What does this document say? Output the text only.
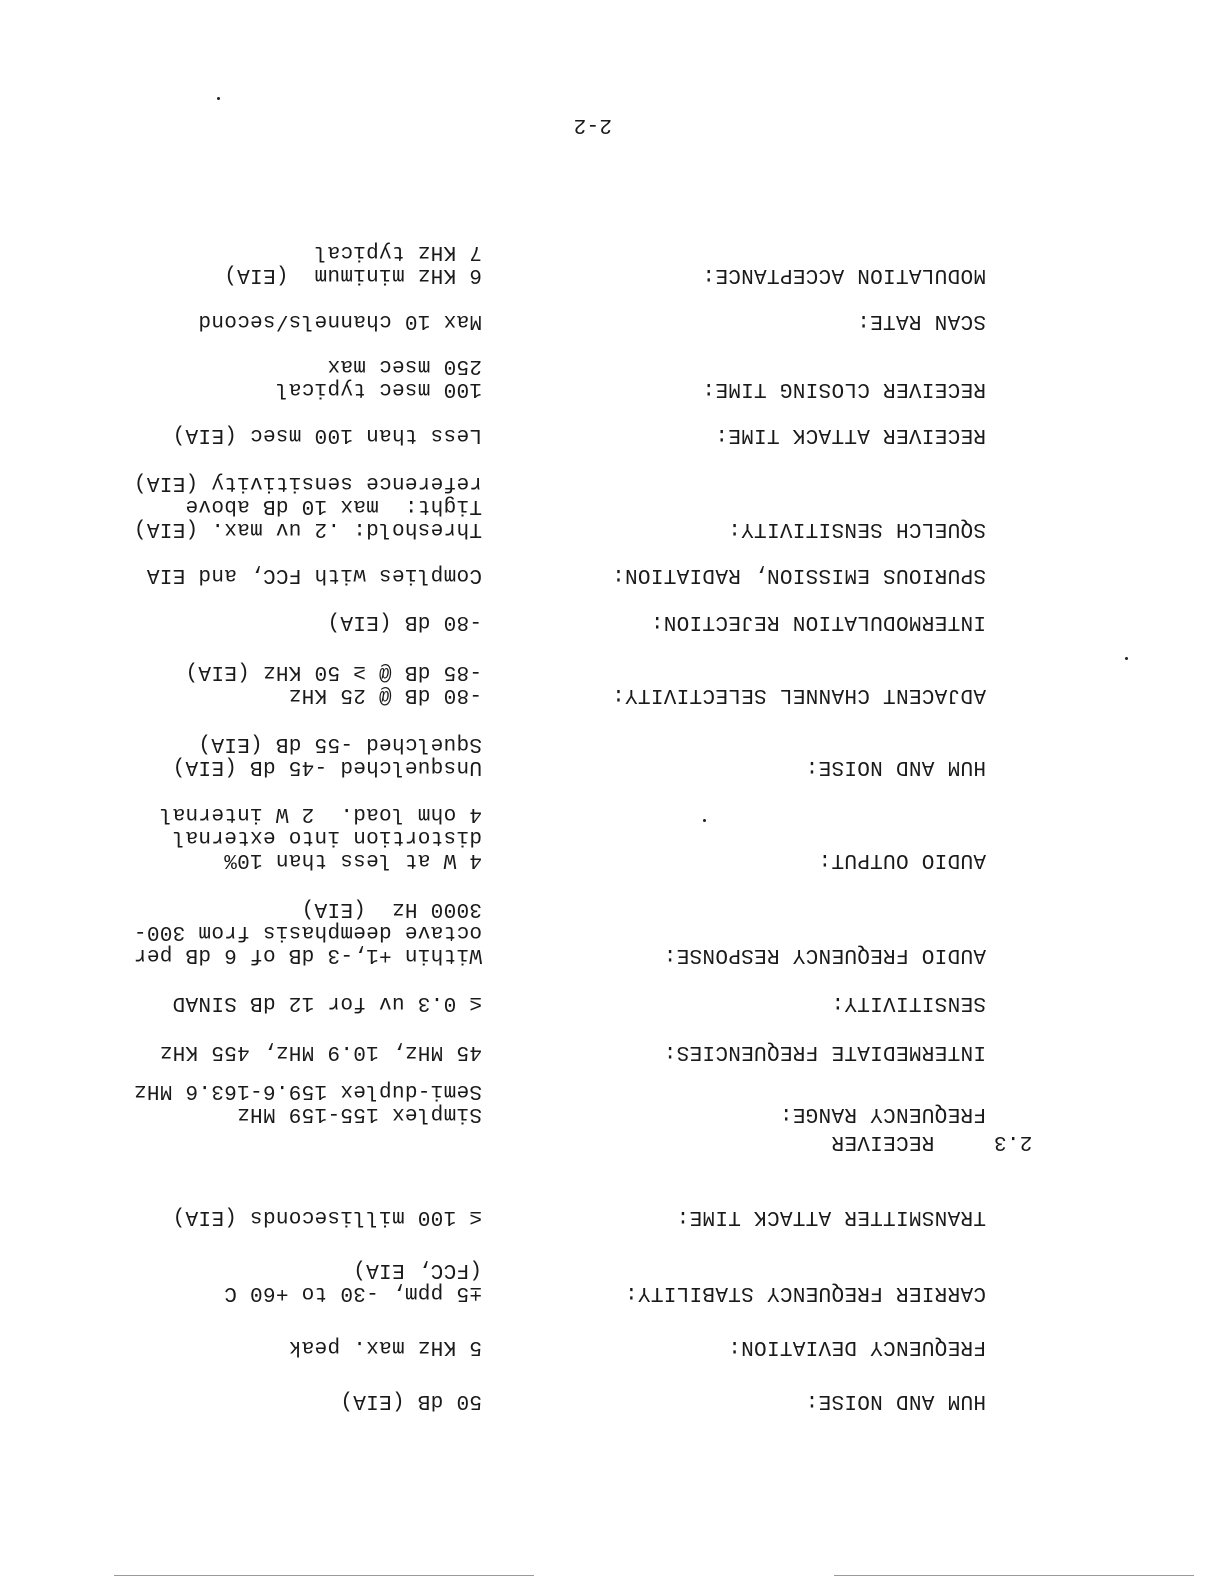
2-2
HUM AND NOISE:
50 dB (EIA)
FREQUENCY DEVIATION:
5 KHz max. peak
CARRIER FREQUENCY STABILITY:
±5 ppm, -30 to +60 C
(FCC, EIA)
TRANSMITTER ATTACK TIME:
≤ 100 milliseconds (EIA)

2.3RECEIVER

FREQUENCY RANGE:
Simplex 155-159 MHz
Semi-duplex 159.6-163.6 MHz
INTERMEDIATE FREQUENCIES:
45 MHz, 10.9 MHz, 455 KHz
SENSITIVITY:
≤ 0.3 uv for 12 dB SINAD
AUDIO FREQUENCY RESPONSE:
Within +1,-3 dB of 6 dB per
octave deemphasis from 300-
3000 Hz  (EIA)
AUDIO OUTPUT:
4 W at less than 10%
distortion into external
4 ohm load.  2 W internal
HUM AND NOISE:
Unsquelched -45 dB (EIA)
Squelched -55 dB (EIA)
ADJACENT CHANNEL SELECTIVITY:
-80 dB @ 25 KHz
-85 dB @ ≥ 50 KHz (EIA)
INTERMODULATION REJECTION:
-80 dB (EIA)
SPURIOUS EMISSION, RADIATION:
Complies with FCC, and EIA
SQUELCH SENSITIVITY:
Threshold: .2 uv max. (EIA)
Tight:  max 10 dB above
reference sensitivity (EIA)
RECEIVER ATTACK TIME:
Less than 100 msec (EIA)
RECEIVER CLOSING TIME:
100 msec typical
250 msec max
SCAN RATE:
Max 10 channels/second
MODULATION ACCEPTANCE:
6 KHz minimum  (EIA)
7 KHz typical
